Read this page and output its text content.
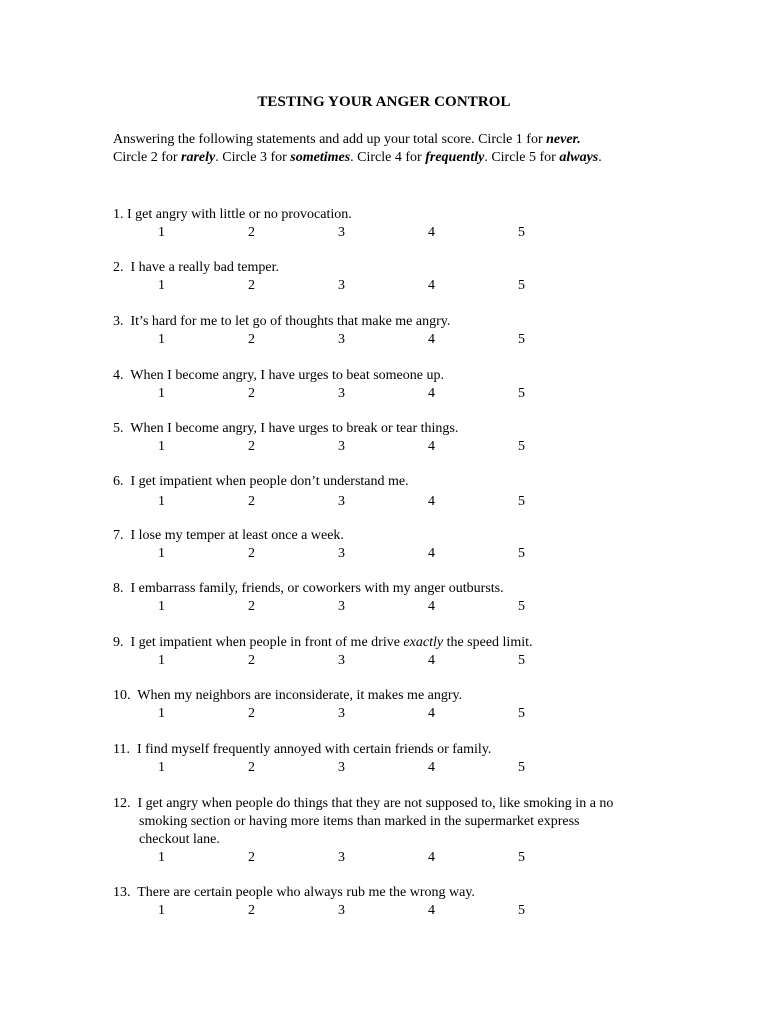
TESTING YOUR ANGER CONTROL
Answering the following statements and add up your total score. Circle 1 for never.
Circle 2 for rarely. Circle 3 for sometimes. Circle 4 for frequently. Circle 5 for always.
1. I get angry with little or no provocation.
1	2	3	4	5
2. I have a really bad temper.
1	2	3	4	5
3. It’s hard for me to let go of thoughts that make me angry.
1	2	3	4	5
4. When I become angry, I have urges to beat someone up.
1	2	3	4	5
5. When I become angry, I have urges to break or tear things.
1	2	3	4	5
6. I get impatient when people don’t understand me.
1	2	3	4	5
7. I lose my temper at least once a week.
1	2	3	4	5
8. I embarrass family, friends, or coworkers with my anger outbursts.
1	2	3	4	5
9. I get impatient when people in front of me drive exactly the speed limit.
1	2	3	4	5
10. When my neighbors are inconsiderate, it makes me angry.
1	2	3	4	5
11. I find myself frequently annoyed with certain friends or family.
1	2	3	4	5
12. I get angry when people do things that they are not supposed to, like smoking in a no
smoking section or having more items than marked in the supermarket express
checkout lane.
1	2	3	4	5
13. There are certain people who always rub me the wrong way.
1	2	3	4	5
